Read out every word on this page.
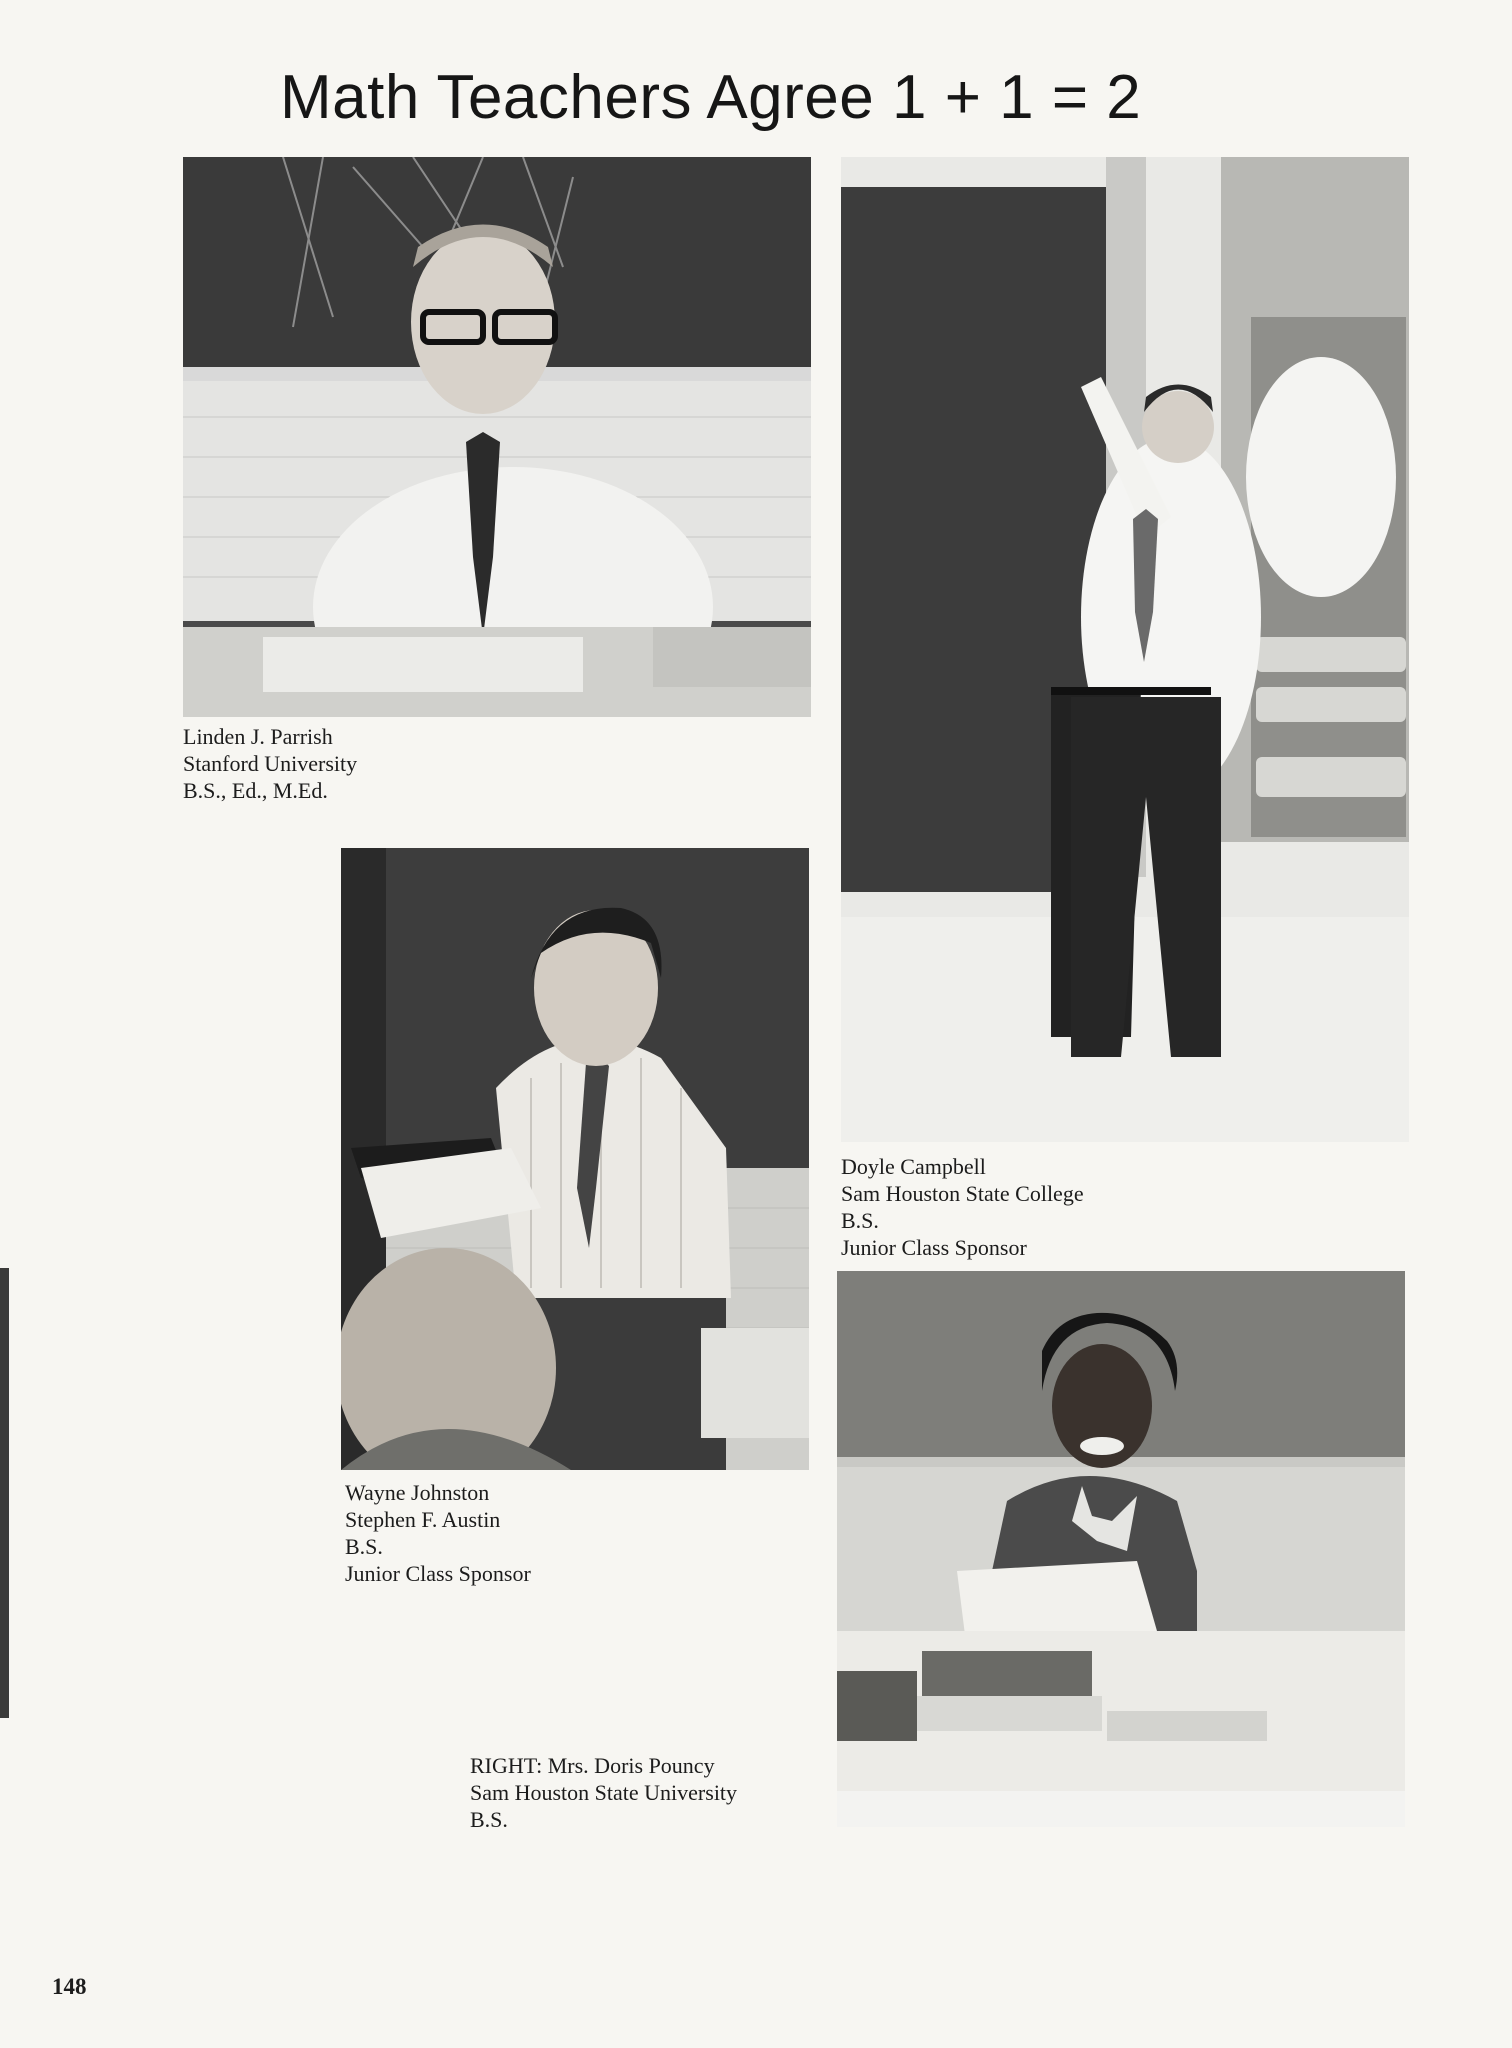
Math Teachers Agree 1 + 1 = 2
Linden J. Parrish
Stanford University
B.S., Ed., M.Ed.
Doyle Campbell
Sam Houston State College
B.S.
Junior Class Sponsor
Wayne Johnston
Stephen F. Austin
B.S.
Junior Class Sponsor
RIGHT: Mrs. Doris Pouncy
Sam Houston State University
B.S.
148
